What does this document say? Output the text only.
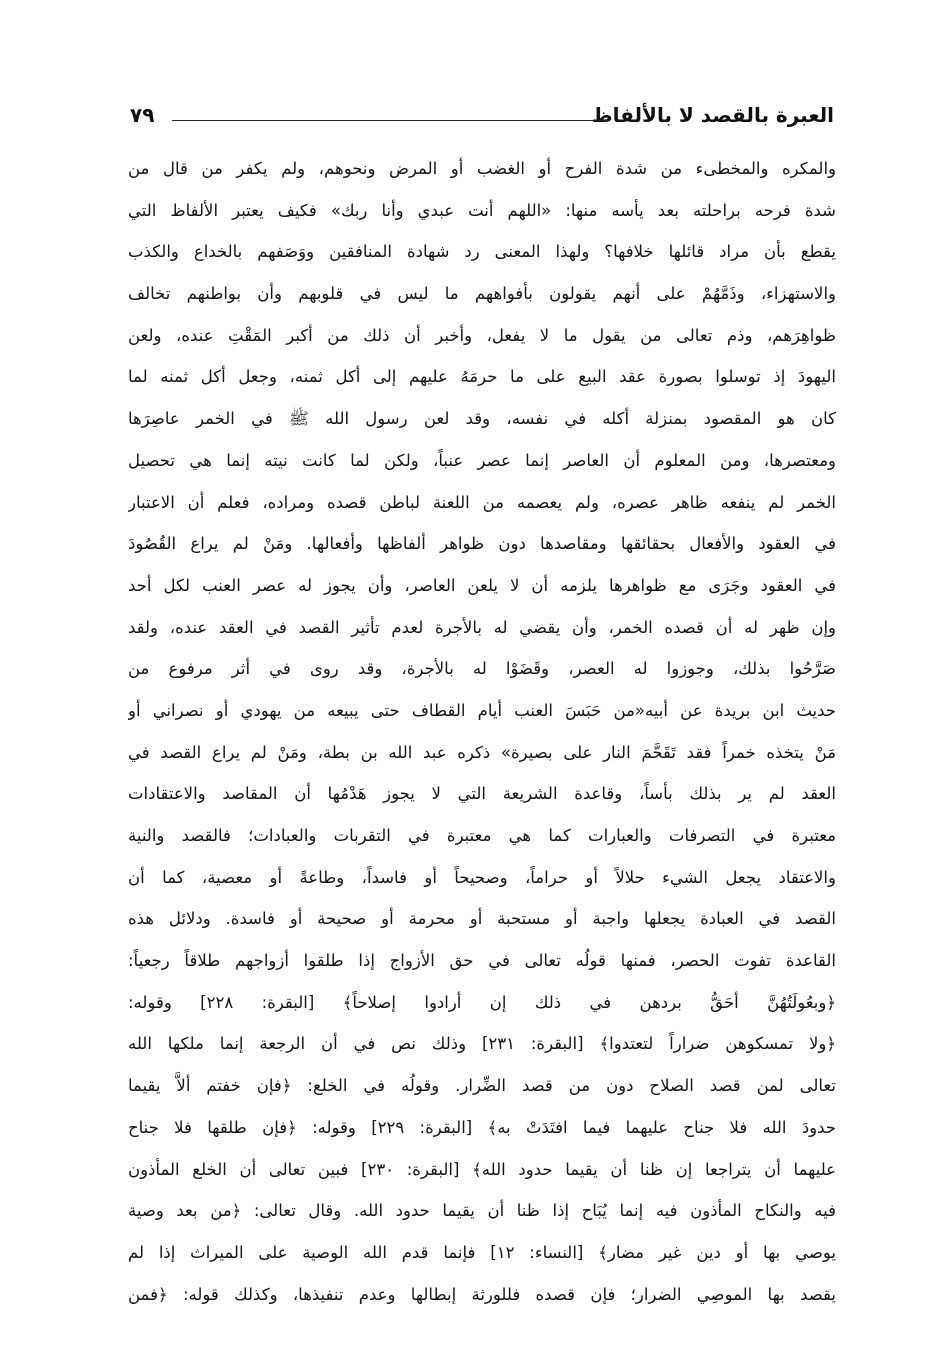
العبرة بالقصد لا بالألفاظ
٧٩
والمكره والمخطىء من شدة الفرح أو الغضب أو المرض ونحوهم، ولم يكفر من قال من
شدة فرحه براحلته بعد يأسه منها: «اللهم أنت عبدي وأنا ربك» فكيف يعتبر الألفاظ التي
يقطع بأن مراد قائلها خلافها؟ ولهذا المعنى رد شهادة المنافقين ووَصَفهم بالخداع والكذب
والاستهزاء، وذَمَّهُمْ على أنهم يقولون بأفواههم ما ليس في قلوبهم وأن بواطنهم تخالف
ظواهِرَهم، وذم تعالى من يقول ما لا يفعل، وأخبر أن ذلك من أكبر المَقْتِ عنده، ولعن
اليهودَ إذ توسلوا بصورة عقد البيع على ما حرمَهُ عليهم إلى أكل ثمنه، وجعل أكل ثمنه لما
كان هو المقصود بمنزلة أكله في نفسه، وقد لعن رسول الله ﷺ في الخمر عاصِرَها
ومعتصرها، ومن المعلوم أن العاصر إنما عصر عنباً، ولكن لما كانت نيته إنما هي تحصيل
الخمر لم ينفعه ظاهر عصره، ولم يعصمه من اللعنة لباطن قصده ومراده، فعلم أن الاعتبار
في العقود والأفعال بحقائقها ومقاصدها دون ظواهر ألفاظها وأفعالها. ومَنْ لم يراع القُصُودَ
في العقود وجَرَى مع ظواهرها يلزمه أن لا يلعن العاصر، وأن يجوز له عصر العنب لكل أحد
وإن ظهر له أن قصده الخمر، وأن يقضي له بالأجرة لعدم تأثير القصد في العقد عنده، ولقد
صَرَّحُوا بذلك، وجوزوا له العصر، وقَضَوْا له بالأجرة، وقد روى في أثر مرفوع من
حديث ابن بريدة عن أبيه«من حَبَسَ العنب أيام القطاف حتى يبيعه من يهودي أو نصراني أو
مَنْ يتخذه خمراً فقد تَقَحَّمَ النار على بصيرة» ذكره عبد الله بن بطة، ومَنْ لم يراع القصد في
العقد لم ير بذلك بأساً، وقاعدة الشريعة التي لا يجوز هَدْمُها أن المقاصد والاعتقادات
معتبرة في التصرفات والعبارات كما هي معتبرة في التقربات والعبادات؛ فالقصد والنية
والاعتقاد يجعل الشيء حلالاً أو حراماً، وصحيحاً أو فاسداً، وطاعةً أو معصية، كما أن
القصد في العبادة يجعلها واجبة أو مستحبة أو محرمة أو صحيحة أو فاسدة. ودلائل هذه
القاعدة تفوت الحصر، فمنها قولُه تعالى في حق الأزواج إذا طلقوا أزواجهم طلاقاً رجعياً:
﴿وبعُولَتُهُنَّ أحَقُّ بردهن في ذلك إن أرادوا إصلاحاً﴾ [البقرة: ٢٢٨] وقوله:
﴿ولا تمسكوهن ضراراً لتعتدوا﴾ [البقرة: ٢٣١] وذلك نص في أن الرجعة إنما ملكها الله
تعالى لمن قصد الصلاح دون من قصد الضِّرار. وقولُه في الخلع: ﴿فإن خفتم ألاَّ يقيما
حدودَ الله فلا جناح عليهما فيما افتَدَتْ به﴾ [البقرة: ٢٢٩] وقوله: ﴿فإن طلقها فلا جناح
عليهما أن يتراجعا إن ظنا أن يقيما حدود الله﴾ [البقرة: ٢٣٠] فبين تعالى أن الخلع المأذون
فيه والنكاح المأذون فيه إنما يُبَاح إذا ظنا أن يقيما حدود الله. وقال تعالى: ﴿من بعد وصية
يوصي بها أو دين غير مضار﴾ [النساء: ١٢] فإنما قدم الله الوصية على الميراث إذا لم
يقصد بها الموصِي الضرار؛ فإن قصده فللورثة إبطالها وعدم تنفيذها، وكذلك قوله: ﴿فمن
